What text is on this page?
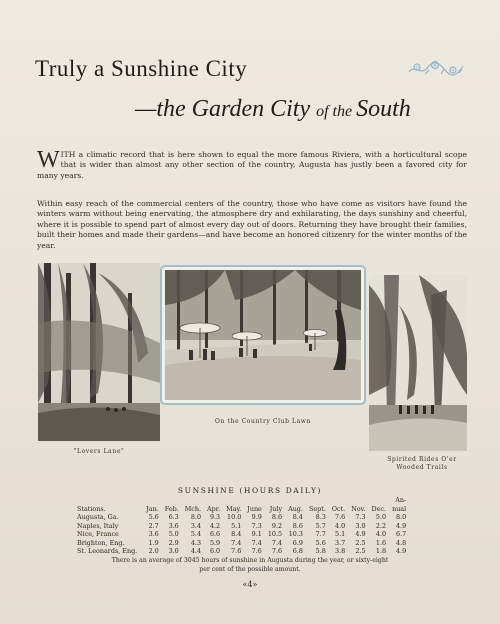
Truly a Sunshine City
—the Garden City of the South

WITH a climatic record that is here shown to equal the more famous Riviera, with a horticultural scope that is wider than almost any other section of the country, Augusta has justly been a favored city for many years.

Within easy reach of the commercial centers of the country, those who have come as visitors have found the winters warm without being enervating, the atmosphere dry and exhilarating, the days sunshiny and cheerful, where it is possible to spend part of almost every day out of doors. Returning they have brought their families, built their homes and made their gardens—and have become an honored citizenry for the winter months of the year.

On the Country Club Lawn
"Lovers Lane"
Spirited Rides O'er
Wooded Trails
SUNSHINE (HOURS DAILY)
													An-
Stations.	Jan.	Feb.	Mch.	Apr.	May.	June	July	Aug.	Sept.	Oct.	Nov.	Dec.	nual
Augusta, Ga.	5.6	6.3	8.0	9.3	10.0	9.9	8.6	8.4	8.3	7.6	7.3	5.0	8.0
Naples, Italy	2.7	3.6	3.4	4.2	5.1	7.3	9.2	8.6	5.7	4.0	3.0	2.2	4.9
Nice, France	3.6	5.0	5.4	6.6	8.4	9.1	10.5	10.3	7.7	5.1	4.9	4.0	6.7
Brighton, Eng.	1.9	2.9	4.3	5.9	7.4	7.4	7.4	6.9	5.6	3.7	2.5	1.6	4.8
St. Leonards, Eng.	2.0	3.0	4.4	6.0	7.6	7.6	7.6	6.8	5.8	3.8	2.5	1.8	4.9
There is an average of 3045 hours of sunshine in Augusta during the year, or sixty-eight
per cent of the possible amount.
«4»
